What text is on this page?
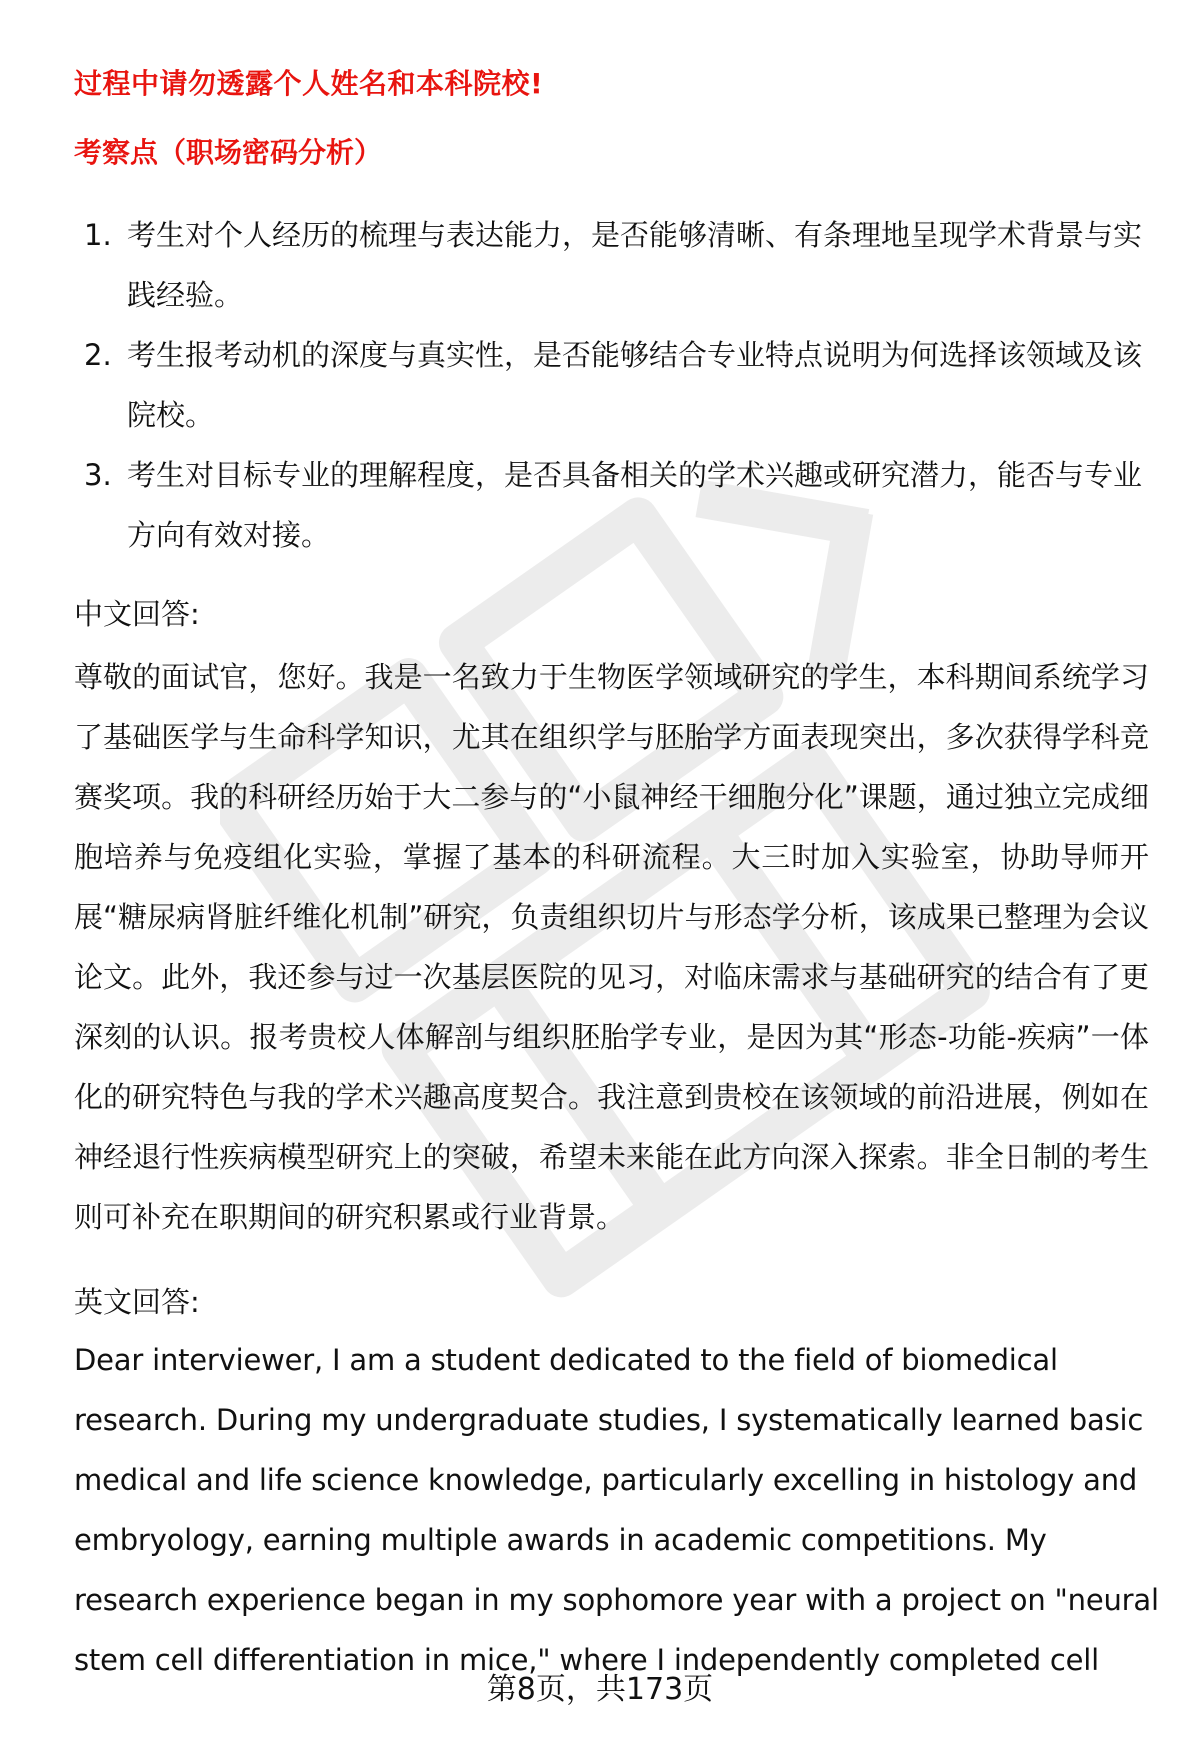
过程中请勿透露个人姓名和本科院校!
考察点（职场密码分析）
1. 考生对个人经历的梳理与表达能力，是否能够清晰、有条理地呈现学术背景与实践经验。
2. 考生报考动机的深度与真实性，是否能够结合专业特点说明为何选择该领域及该院校。
3. 考生对目标专业的理解程度，是否具备相关的学术兴趣或研究潜力，能否与专业方向有效对接。
中文回答:

尊敬的面试官，您好。我是一名致力于生物医学领域研究的学生，本科期间系统学习了基础医学与生命科学知识，尤其在组织学与胚胎学方面表现突出，多次获得学科竞赛奖项。我的科研经历始于大二参与的“小鼠神经干细胞分化”课题，通过独立完成细胞培养与免疫组化实验，掌握了基本的科研流程。大三时加入实验室，协助导师开展“糖尿病肾脏纤维化机制”研究，负责组织切片与形态学分析，该成果已整理为会议论文。此外，我还参与过一次基层医院的见习，对临床需求与基础研究的结合有了更深刻的认识。报考贵校人体解剖与组织胚胎学专业，是因为其“形态-功能-疾病”一体化的研究特色与我的学术兴趣高度契合。我注意到贵校在该领域的前沿进展，例如在神经退行性疾病模型研究上的突破，希望未来能在此方向深入探索。非全日制的考生则可补充在职期间的研究积累或行业背景。

英文回答:

Dear interviewer, I am a student dedicated to the field of biomedical research. During my undergraduate studies, I systematically learned basic medical and life science knowledge, particularly excelling in histology and embryology, earning multiple awards in academic competitions. My research experience began in my sophomore year with a project on "neural stem cell differentiation in mice," where I independently completed cell

第8页，共173页
